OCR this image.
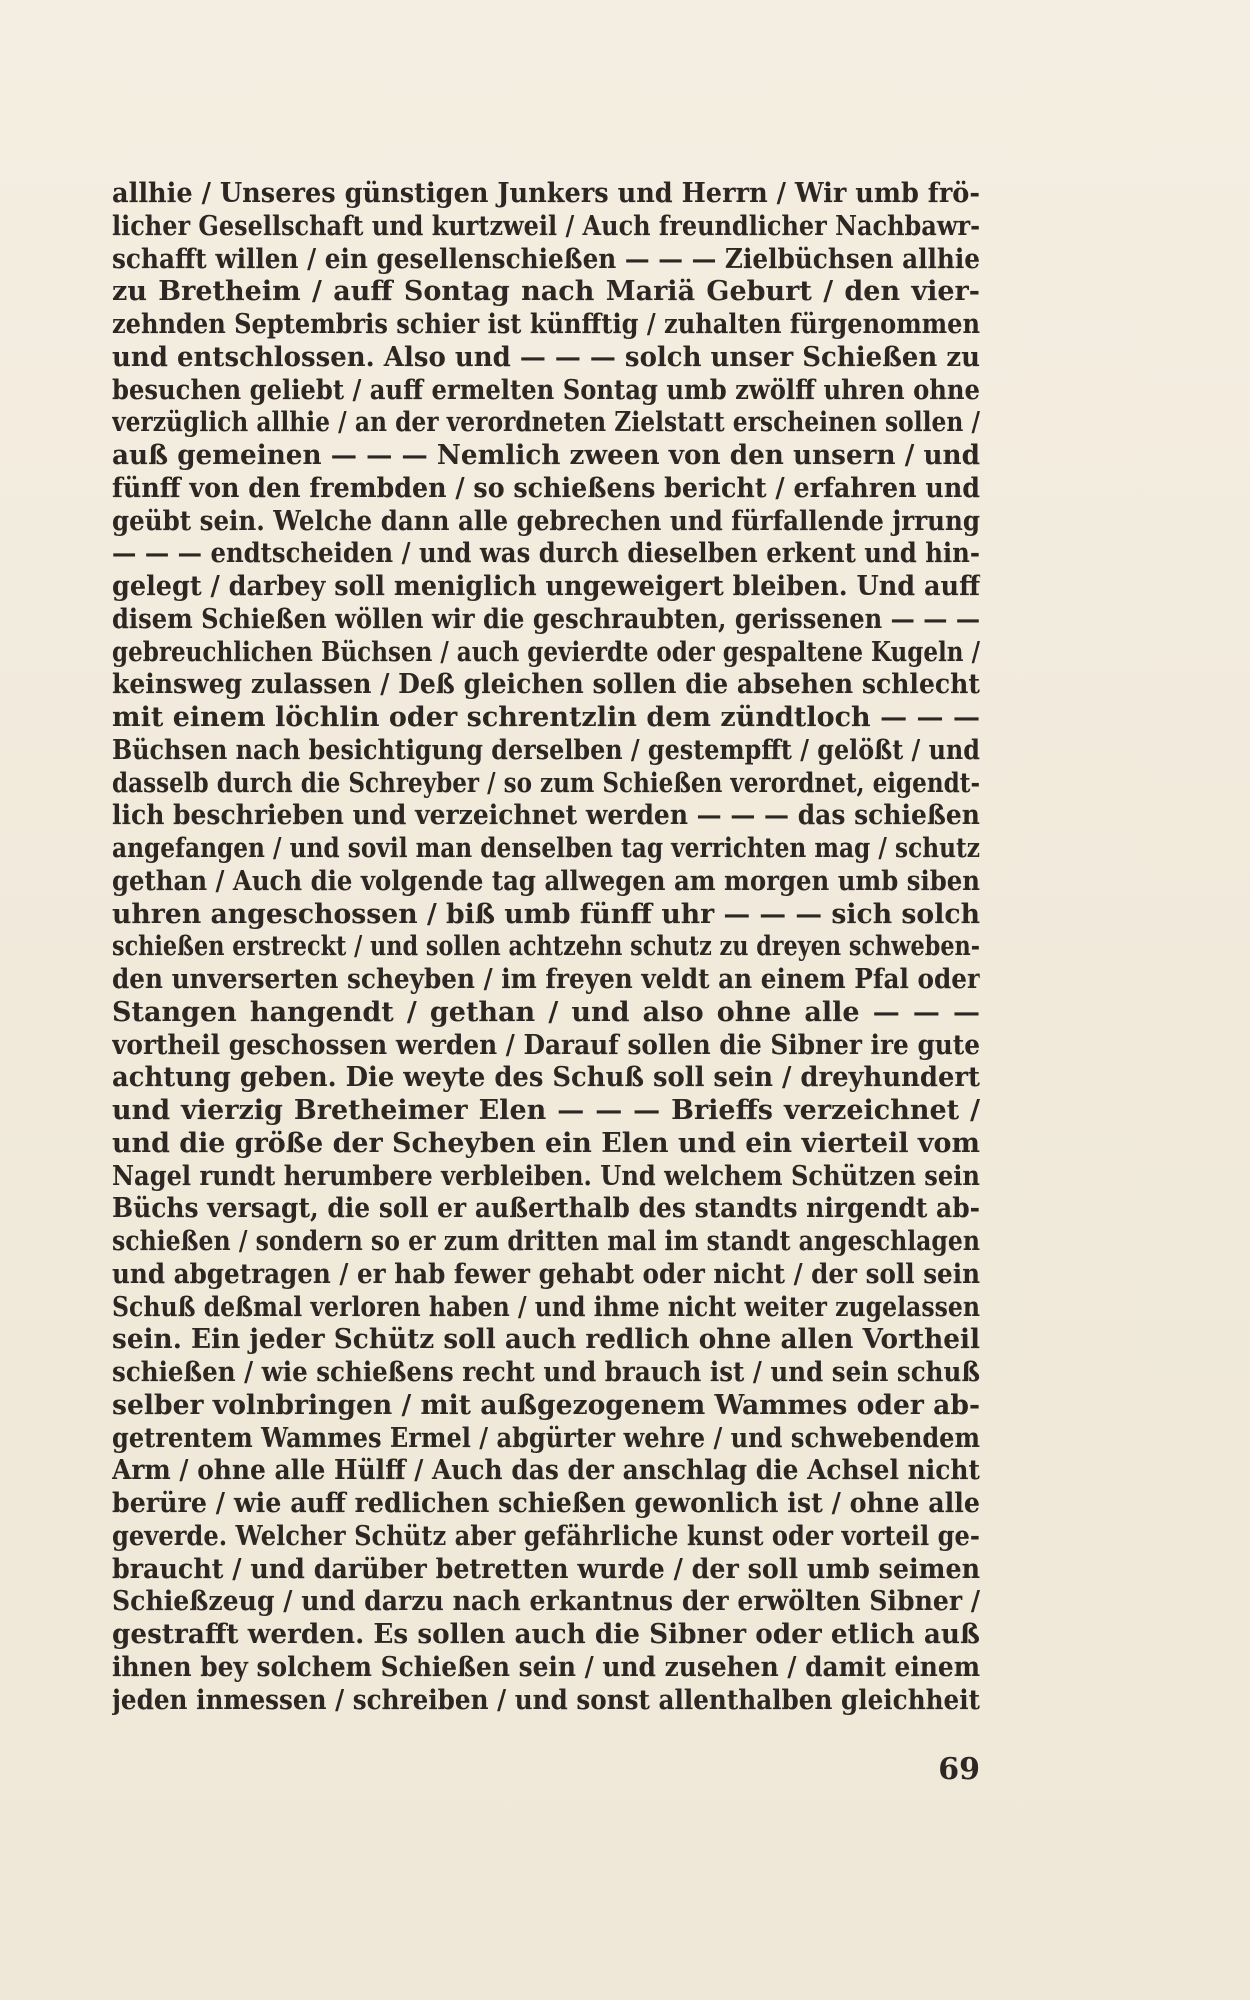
allhie / Unseres günstigen Junkers und Herrn / Wir umb frö-
licher Gesellschaft und kurtzweil / Auch freundlicher Nachbawr-
schafft willen / ein gesellenschießen — — — Zielbüchsen allhie
zu Bretheim / auff Sontag nach Mariä Geburt / den vier-
zehnden Septembris schier ist künfftig / zuhalten fürgenommen
und entschlossen. Also und — — — solch unser Schießen zu
besuchen geliebt / auff ermelten Sontag umb zwölff uhren ohne
verzüglich allhie / an der verordneten Zielstatt erscheinen sollen /
auß gemeinen — — — Nemlich zween von den unsern / und
fünff von den frembden / so schießens bericht / erfahren und
geübt sein. Welche dann alle gebrechen und fürfallende jrrung
— — — endtscheiden / und was durch dieselben erkent und hin-
gelegt / darbey soll meniglich ungeweigert bleiben. Und auff
disem Schießen wöllen wir die geschraubten, gerissenen — — —
gebreuchlichen Büchsen / auch gevierdte oder gespaltene Kugeln /
keinsweg zulassen / Deß gleichen sollen die absehen schlecht
mit einem löchlin oder schrentzlin dem zündtloch — — —
Büchsen nach besichtigung derselben / gestempfft / gelößt / und
dasselb durch die Schreyber / so zum Schießen verordnet, eigendt-
lich beschrieben und verzeichnet werden — — — das schießen
angefangen / und sovil man denselben tag verrichten mag / schutz
gethan / Auch die volgende tag allwegen am morgen umb siben
uhren angeschossen / biß umb fünff uhr — — — sich solch
schießen erstreckt / und sollen achtzehn schutz zu dreyen schweben-
den unverserten scheyben / im freyen veldt an einem Pfal oder
Stangen hangendt / gethan / und also ohne alle — — —
vortheil geschossen werden / Darauf sollen die Sibner ire gute
achtung geben. Die weyte des Schuß soll sein / dreyhundert
und vierzig Bretheimer Elen — — — Brieffs verzeichnet /
und die größe der Scheyben ein Elen und ein vierteil vom
Nagel rundt herumbere verbleiben. Und welchem Schützen sein
Büchs versagt, die soll er außerthalb des standts nirgendt ab-
schießen / sondern so er zum dritten mal im standt angeschlagen
und abgetragen / er hab fewer gehabt oder nicht / der soll sein
Schuß deßmal verloren haben / und ihme nicht weiter zugelassen
sein. Ein jeder Schütz soll auch redlich ohne allen Vortheil
schießen / wie schießens recht und brauch ist / und sein schuß
selber volnbringen / mit außgezogenem Wammes oder ab-
getrentem Wammes Ermel / abgürter wehre / und schwebendem
Arm / ohne alle Hülff / Auch das der anschlag die Achsel nicht
berüre / wie auff redlichen schießen gewonlich ist / ohne alle
geverde. Welcher Schütz aber gefährliche kunst oder vorteil ge-
braucht / und darüber betretten wurde / der soll umb seimen
Schießzeug / und darzu nach erkantnus der erwölten Sibner /
gestrafft werden. Es sollen auch die Sibner oder etlich auß
ihnen bey solchem Schießen sein / und zusehen / damit einem
jeden inmessen / schreiben / und sonst allenthalben gleichheit
69
